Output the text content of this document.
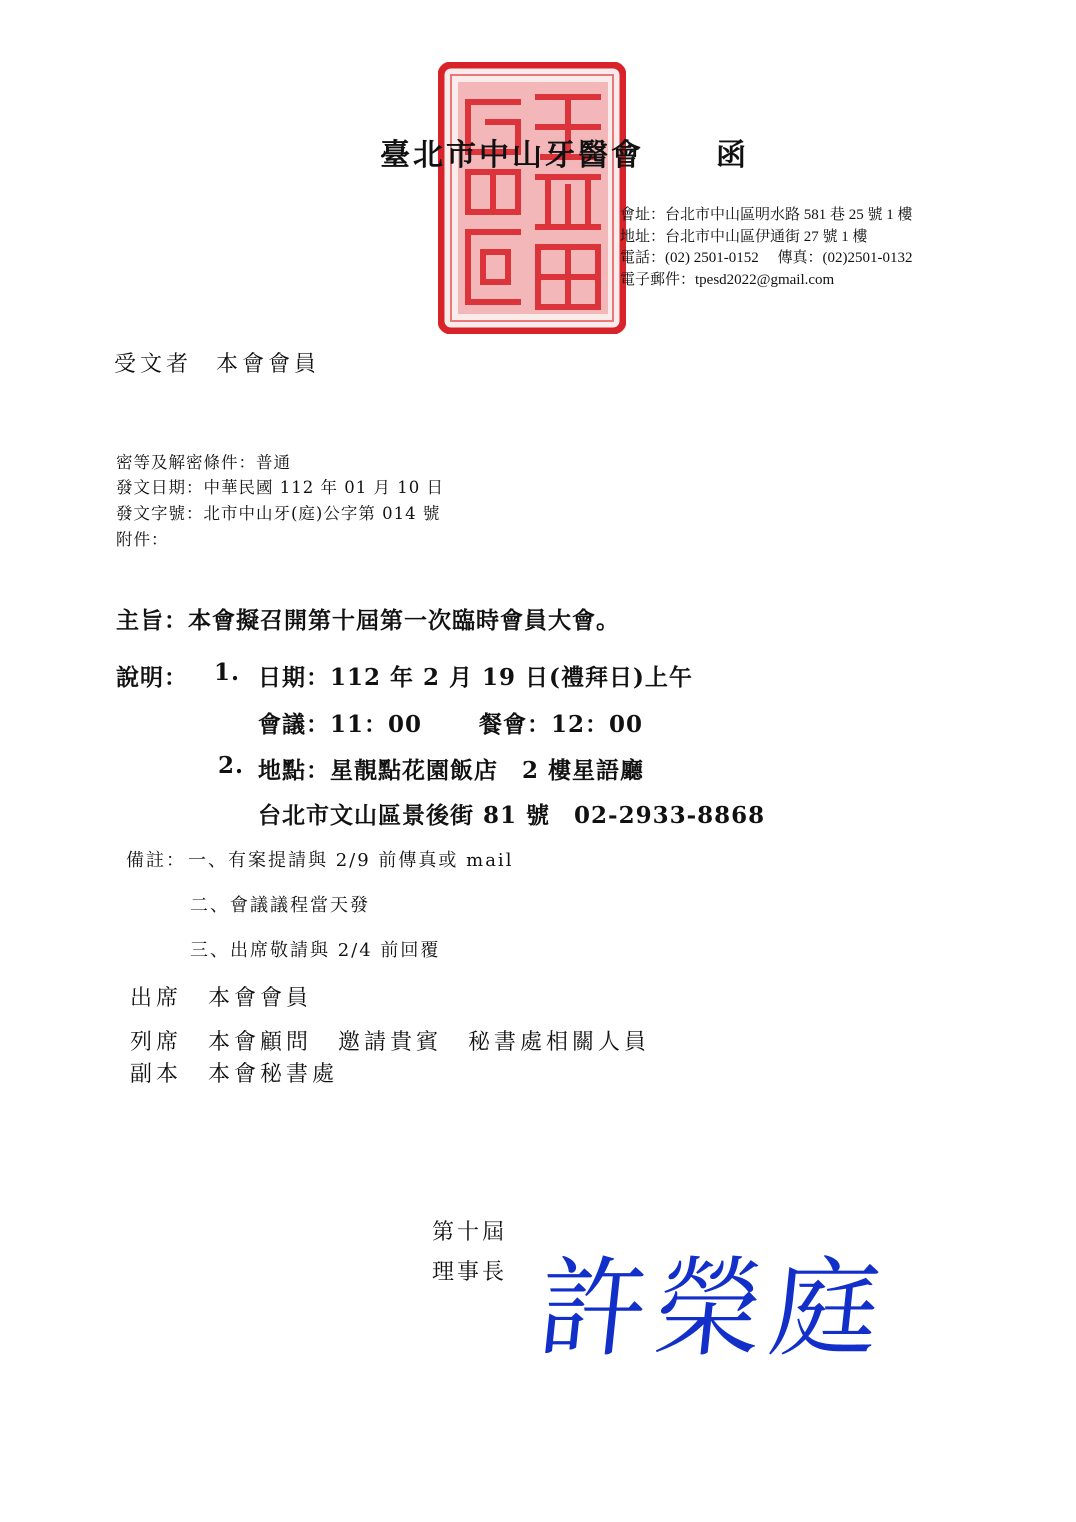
臺北市中山牙醫會 函
會址：台北市中山區明水路 581 巷 25 號 1 樓
地址：台北市中山區伊通街 27 號 1 樓
電話：(02) 2501-0152　 傳真：(02)2501-0132
電子郵件：tpesd2022@gmail.com
受文者 本會會員
密等及解密條件：普通
發文日期：中華民國 112 年 01 月 10 日
發文字號：北市中山牙(庭)公字第 014 號
附件：
主旨：本會擬召開第十屆第一次臨時會員大會。
說明： 1. 日期：112 年 2 月 19 日(禮拜日)上午
會議：11：00　　 餐會：12：00
2. 地點：星靚點花園飯店　2 樓星語廳
台北市文山區景後街 81 號　02-2933-8868
備註： 一、有案提請與 2/9 前傳真或 mail
二、會議議程當天發
三、出席敬請與 2/4 前回覆
出席　本會會員
列席　本會顧問　邀請貴賓　秘書處相關人員
副本　本會秘書處
第十屆
理事長 許榮庭
